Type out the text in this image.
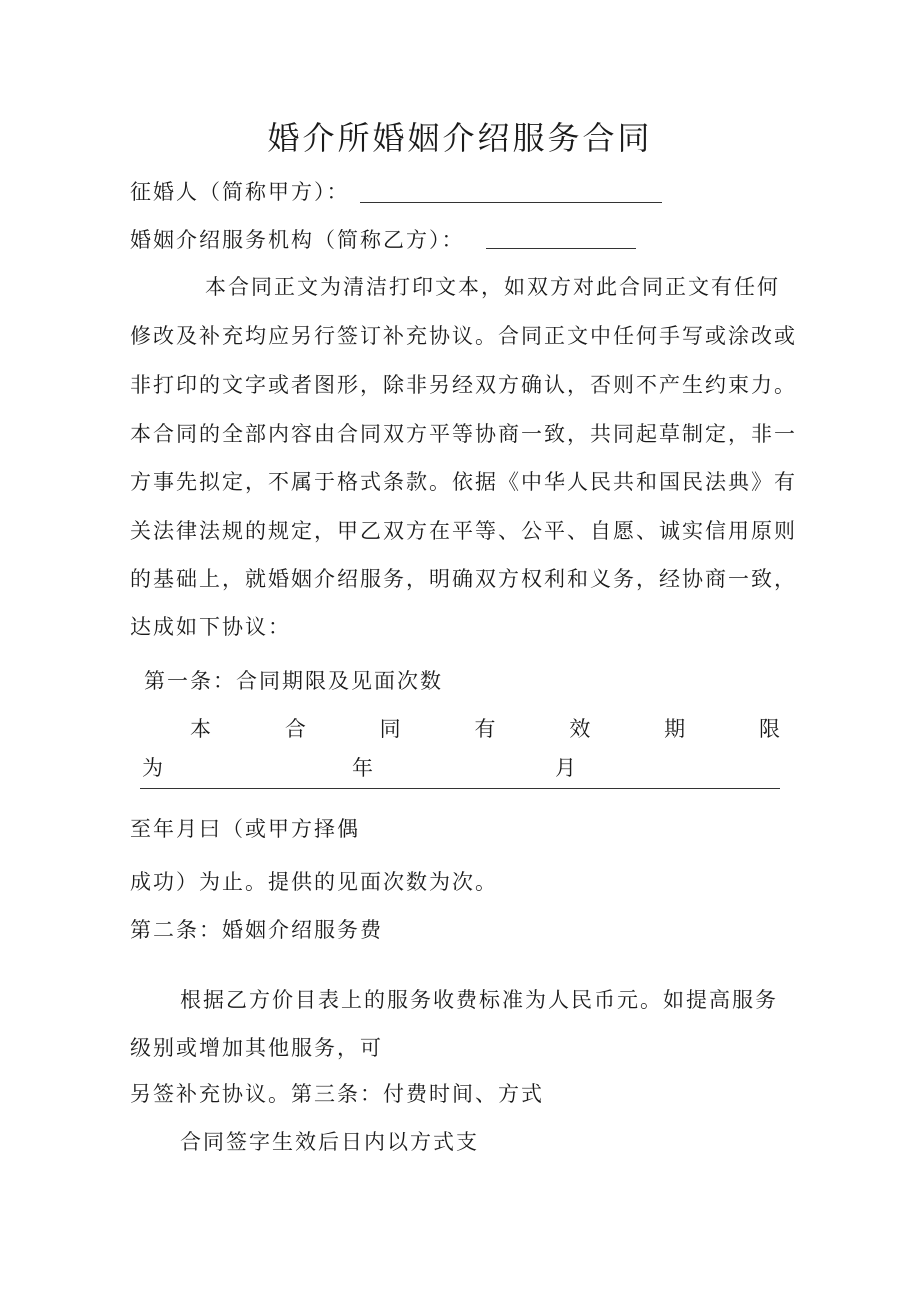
婚介所婚姻介绍服务合同
征婚人（简称甲方）：
婚姻介绍服务机构（简称乙方）：
本合同正文为清洁打印文本，如双方对此合同正文有任何
修改及补充均应另行签订补充协议。合同正文中任何手写或涂改或
非打印的文字或者图形，除非另经双方确认，否则不产生约束力。
本合同的全部内容由合同双方平等协商一致，共同起草制定，非一
方事先拟定，不属于格式条款。依据《中华人民共和国民法典》有
关法律法规的规定，甲乙双方在平等、公平、自愿、诚实信用原则
的基础上，就婚姻介绍服务，明确双方权利和义务，经协商一致，
达成如下协议：
第一条：合同期限及见面次数
本	合	同	有	效	期	限
为	年	月
至年月曰（或甲方择偶
成功）为止。提供的见面次数为次。
第二条：婚姻介绍服务费
根据乙方价目表上的服务收费标准为人民币元。如提高服务
级别或增加其他服务，可
另签补充协议。第三条：付费时间、方式
合同签字生效后日内以方式支
